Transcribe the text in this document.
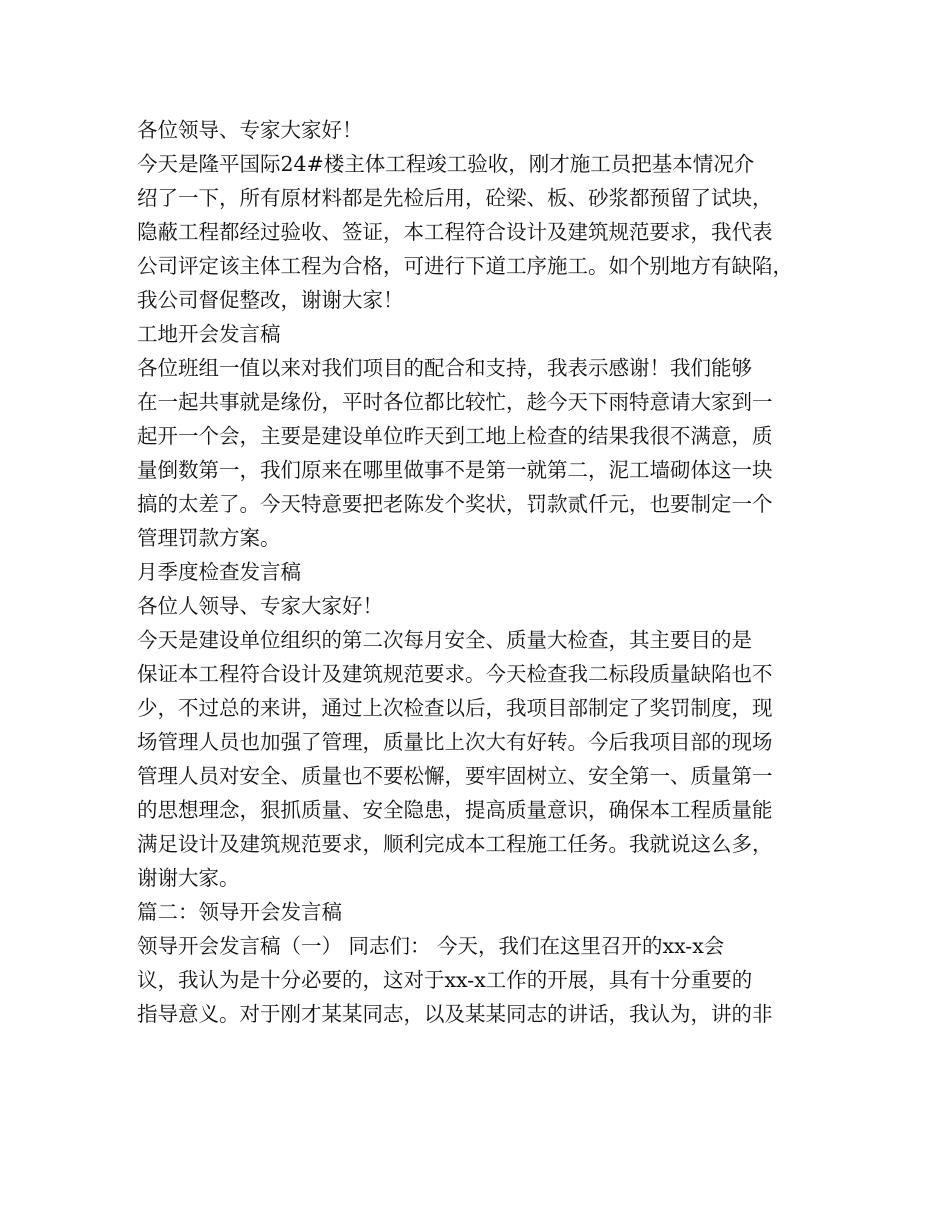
各位领导、专家大家好！

今天是隆平国际24#楼主体工程竣工验收，刚才施工员把基本情况介

绍了一下，所有原材料都是先检后用，砼梁、板、砂浆都预留了试块，

隐蔽工程都经过验收、签证，本工程符合设计及建筑规范要求，我代表

公司评定该主体工程为合格，可进行下道工序施工。如个别地方有缺陷，

我公司督促整改，谢谢大家！

工地开会发言稿

各位班组一值以来对我们项目的配合和支持，我表示感谢！我们能够

在一起共事就是缘份，平时各位都比较忙，趁今天下雨特意请大家到一

起开一个会，主要是建设单位昨天到工地上检查的结果我很不满意，质

量倒数第一，我们原来在哪里做事不是第一就第二，泥工墙砌体这一块

搞的太差了。今天特意要把老陈发个奖状，罚款贰仟元，也要制定一个

管理罚款方案。

月季度检查发言稿

各位人领导、专家大家好！

今天是建设单位组织的第二次每月安全、质量大检查，其主要目的是

保证本工程符合设计及建筑规范要求。今天检查我二标段质量缺陷也不

少，不过总的来讲，通过上次检查以后，我项目部制定了奖罚制度，现

场管理人员也加强了管理，质量比上次大有好转。今后我项目部的现场

管理人员对安全、质量也不要松懈，要牢固树立、安全第一、质量第一

的思想理念，狠抓质量、安全隐患，提高质量意识，确保本工程质量能

满足设计及建筑规范要求，顺利完成本工程施工任务。我就说这么多，

谢谢大家。

篇二：领导开会发言稿

领导开会发言稿（一） 同志们： 今天，我们在这里召开的xx-x会

议，我认为是十分必要的，这对于xx-x工作的开展，具有十分重要的

指导意义。对于刚才某某同志，以及某某同志的讲话，我认为，讲的非
